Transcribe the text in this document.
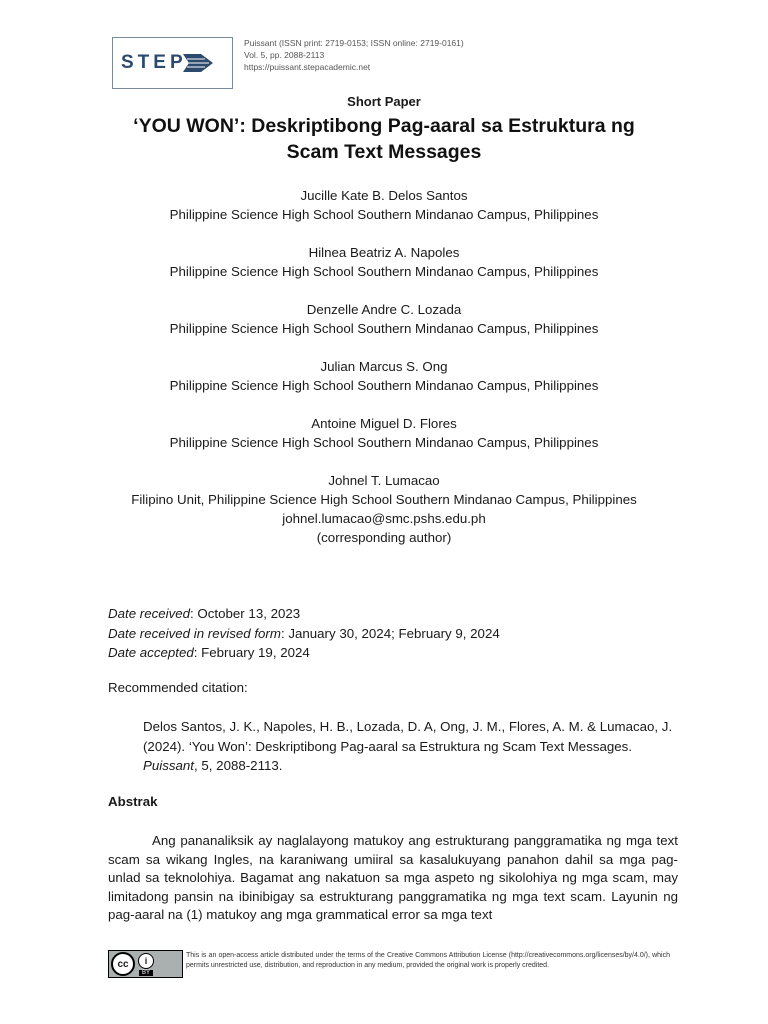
STEP
Puissant (ISSN print: 2719-0153; ISSN online: 2719-0161)
Vol. 5, pp. 2088-2113
https://puissant.stepacademic.net
Short Paper
‘YOU WON’: Deskriptibong Pag-aaral sa Estruktura ng
Scam Text Messages
Jucille Kate B. Delos Santos
Philippine Science High School Southern Mindanao Campus, Philippines
Hilnea Beatriz A. Napoles
Philippine Science High School Southern Mindanao Campus, Philippines
Denzelle Andre C. Lozada
Philippine Science High School Southern Mindanao Campus, Philippines
Julian Marcus S. Ong
Philippine Science High School Southern Mindanao Campus, Philippines
Antoine Miguel D. Flores
Philippine Science High School Southern Mindanao Campus, Philippines
Johnel T. Lumacao
Filipino Unit, Philippine Science High School Southern Mindanao Campus, Philippines
johnel.lumacao@smc.pshs.edu.ph
(corresponding author)
Date received: October 13, 2023
Date received in revised form: January 30, 2024; February 9, 2024
Date accepted: February 19, 2024
Recommended citation:
Delos Santos, J. K., Napoles, H. B., Lozada, D. A, Ong, J. M., Flores, A. M. & Lumacao, J. (2024). ‘You Won’: Deskriptibong Pag-aaral sa Estruktura ng Scam Text Messages. Puissant, 5, 2088-2113.
Abstrak
Ang pananaliksik ay naglalayong matukoy ang estrukturang panggramatika ng mga text scam sa wikang Ingles, na karaniwang umiiral sa kasalukuyang panahon dahil sa mga pag-unlad sa teknolohiya. Bagamat ang nakatuon sa mga aspeto ng sikolohiya ng mga scam, may limitadong pansin na ibinibigay sa estrukturang panggramatika ng mga text scam. Layunin ng pag-aaral na (1) matukoy ang mga grammatical error sa mga text
cc	i
BY
This is an open-access article distributed under the terms of the Creative Commons Attribution License (http://creativecommons.org/licenses/by/4.0/), which permits unrestricted use, distribution, and reproduction in any medium, provided the original work is properly credited.
